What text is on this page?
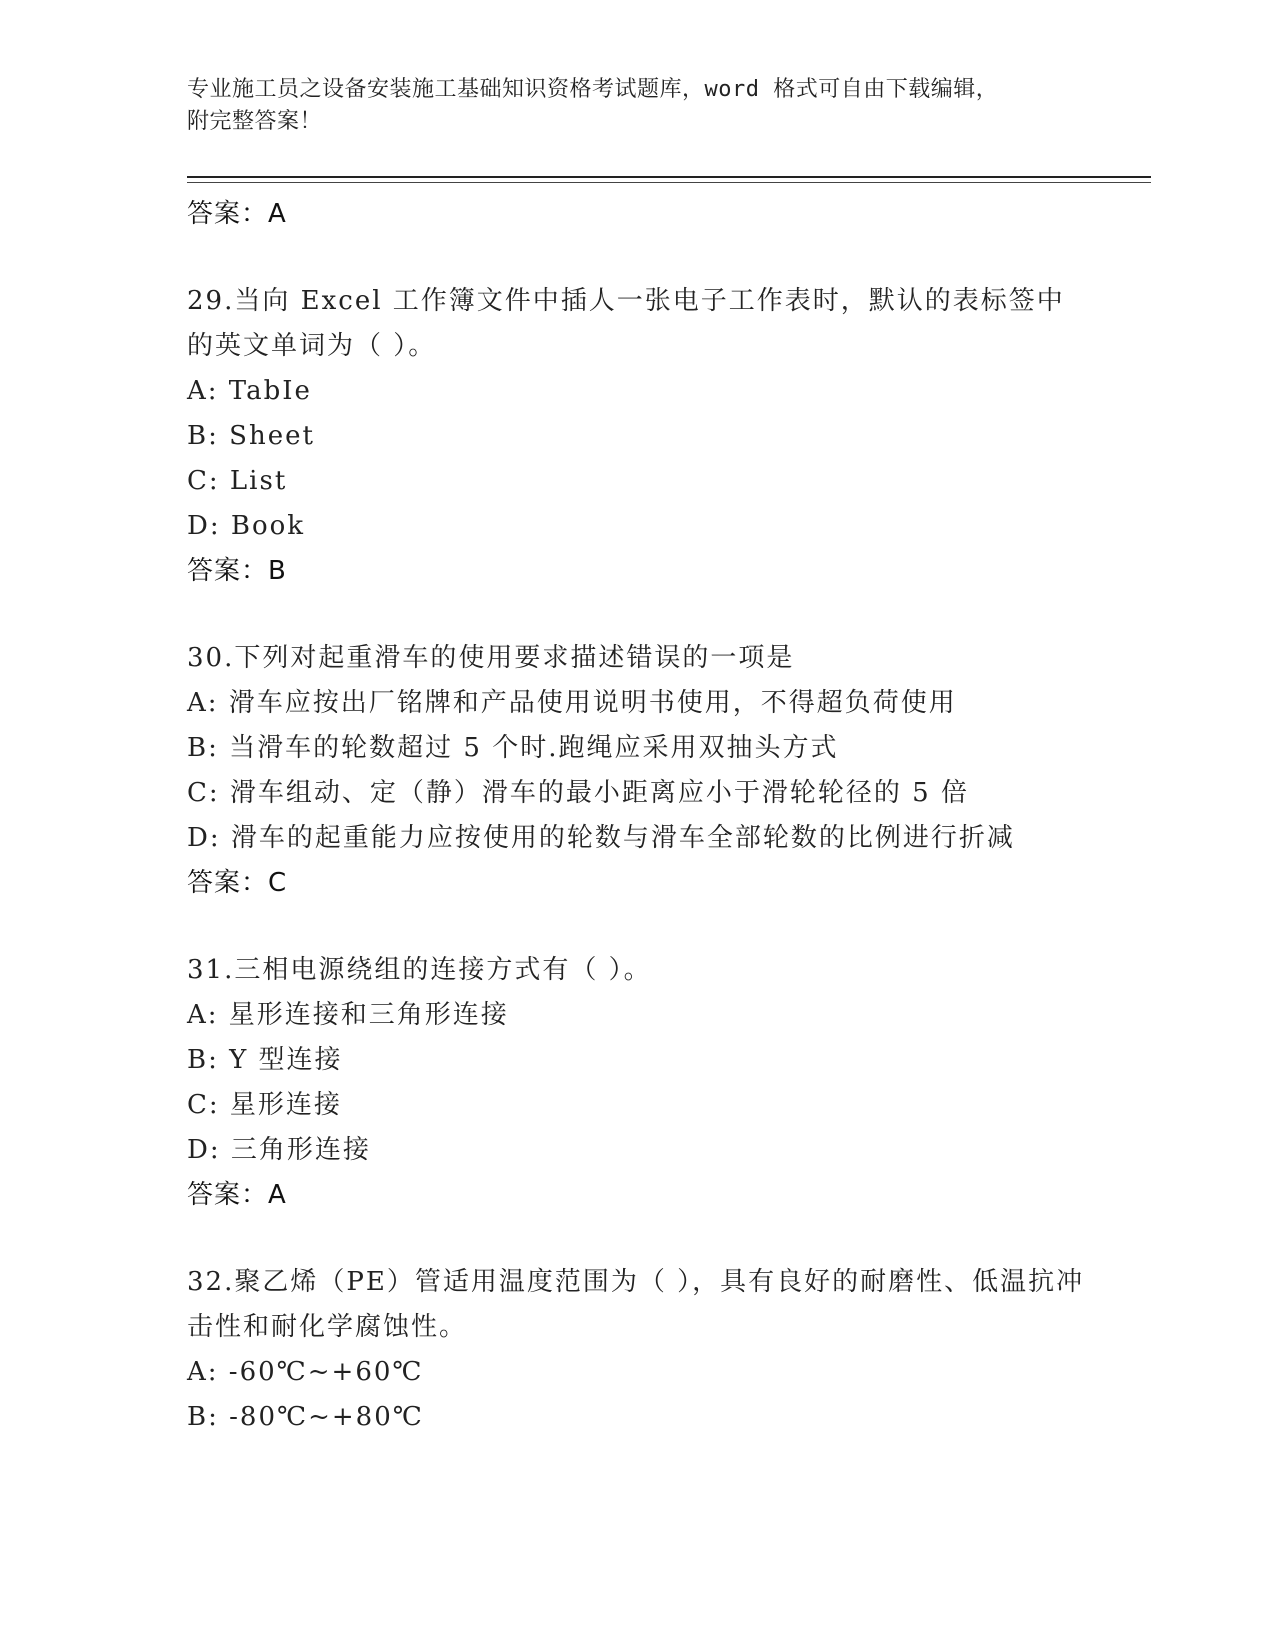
专业施工员之设备安装施工基础知识资格考试题库，word 格式可自由下载编辑，
附完整答案！
答案：A
29.当向 Excel 工作簿文件中插人一张电子工作表时，默认的表标签中的英文单词为（ ）。
A: TabIe
B: Sheet
C: List
D: Book
答案：B
30.下列对起重滑车的使用要求描述错误的一项是
A: 滑车应按出厂铭牌和产品使用说明书使用，不得超负荷使用
B: 当滑车的轮数超过 5 个时.跑绳应采用双抽头方式
C: 滑车组动、定（静）滑车的最小距离应小于滑轮轮径的 5 倍
D: 滑车的起重能力应按使用的轮数与滑车全部轮数的比例进行折减
答案：C
31.三相电源绕组的连接方式有（ ）。
A: 星形连接和三角形连接
B: Y 型连接
C: 星形连接
D: 三角形连接
答案：A
32.聚乙烯（PE）管适用温度范围为（ ），具有良好的耐磨性、低温抗冲击性和耐化学腐蚀性。
A: -60℃~+60℃
B: -80℃~+80℃
